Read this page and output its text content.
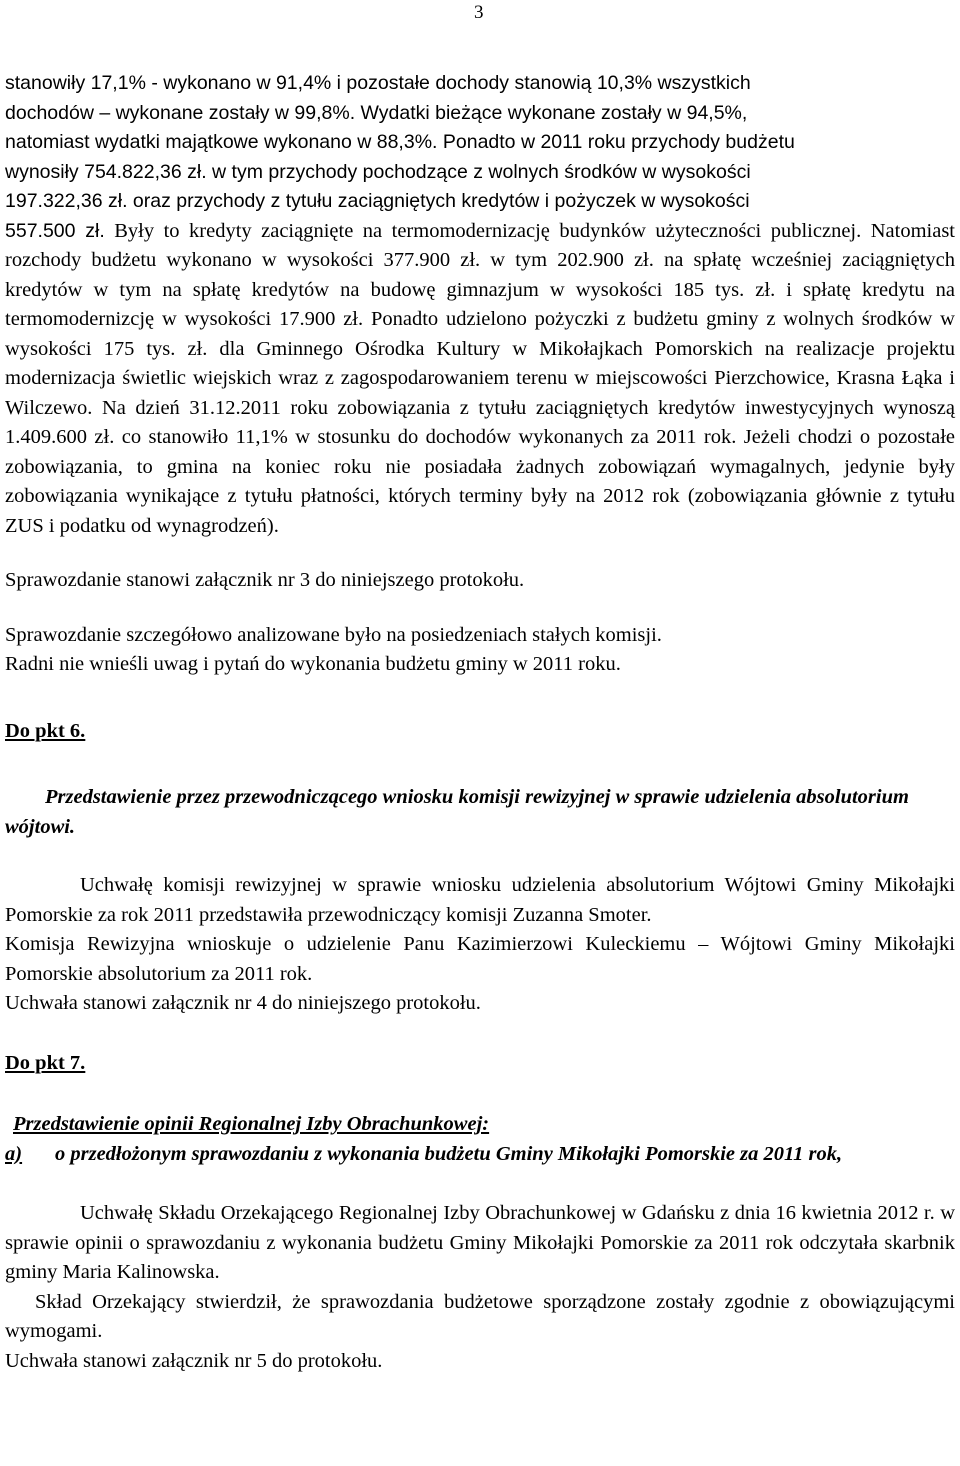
3

stanowiły 17,1% - wykonano w 91,4% i pozostałe dochody stanowią 10,3% wszystkich

dochodów – wykonane zostały w 99,8%. Wydatki bieżące wykonane zostały w 94,5%,

natomiast wydatki majątkowe wykonano w 88,3%. Ponadto w 2011 roku przychody budżetu

wynosiły 754.822,36 zł. w tym przychody pochodzące z wolnych środków w wysokości

197.322,36 zł. oraz przychody z tytułu zaciągniętych kredytów i pożyczek w wysokości

557.500 zł. Były to kredyty zaciągnięte na termomodernizację budynków użyteczności publicznej. Natomiast rozchody budżetu wykonano w wysokości 377.900 zł. w tym 202.900 zł. na spłatę wcześniej zaciągniętych kredytów w tym na spłatę kredytów na budowę gimnazjum w wysokości 185 tys. zł. i spłatę kredytu na termomodernizcję w wysokości 17.900 zł. Ponadto udzielono pożyczki z budżetu gminy z wolnych środków w wysokości 175 tys. zł. dla Gminnego Ośrodka Kultury w Mikołajkach Pomorskich na realizacje projektu modernizacja świetlic wiejskich wraz z zagospodarowaniem terenu w miejscowości Pierzchowice, Krasna Łąka i Wilczewo. Na dzień 31.12.2011 roku zobowiązania z tytułu zaciągniętych kredytów inwestycyjnych wynoszą 1.409.600 zł. co stanowiło 11,1% w stosunku do dochodów wykonanych za 2011 rok. Jeżeli chodzi o pozostałe zobowiązania, to gmina na koniec roku nie posiadała żadnych zobowiązań wymagalnych, jedynie były zobowiązania wynikające z tytułu płatności, których terminy były na 2012 rok (zobowiązania głównie z tytułu ZUS i podatku od wynagrodzeń).

Sprawozdanie stanowi załącznik nr 3 do niniejszego protokołu.

Sprawozdanie szczegółowo analizowane było na posiedzeniach stałych komisji.

Radni nie wnieśli uwag i pytań do wykonania budżetu gminy w 2011 roku.

Do pkt 6.

Przedstawienie przez przewodniczącego wniosku komisji rewizyjnej w sprawie udzielenia absolutorium wójtowi.

Uchwałę komisji rewizyjnej w sprawie wniosku udzielenia absolutorium Wójtowi Gminy Mikołajki Pomorskie za rok 2011 przedstawiła przewodniczący komisji Zuzanna Smoter.

Komisja Rewizyjna wnioskuje o udzielenie Panu Kazimierzowi Kuleckiemu – Wójtowi Gminy Mikołajki Pomorskie absolutorium za 2011 rok.

Uchwała stanowi załącznik nr 4 do niniejszego protokołu.

Do pkt 7.

Przedstawienie opinii Regionalnej Izby Obrachunkowej:

a)	o przedłożonym sprawozdaniu z wykonania budżetu Gminy Mikołajki Pomorskie za 2011 rok,

Uchwałę Składu Orzekającego Regionalnej Izby Obrachunkowej w Gdańsku z dnia 16 kwietnia 2012 r. w sprawie opinii o sprawozdaniu z wykonania budżetu Gminy Mikołajki Pomorskie za 2011 rok odczytała skarbnik gminy Maria Kalinowska.

Skład Orzekający stwierdził, że sprawozdania budżetowe sporządzone zostały zgodnie z obowiązującymi wymogami.

Uchwała stanowi załącznik nr 5 do protokołu.
